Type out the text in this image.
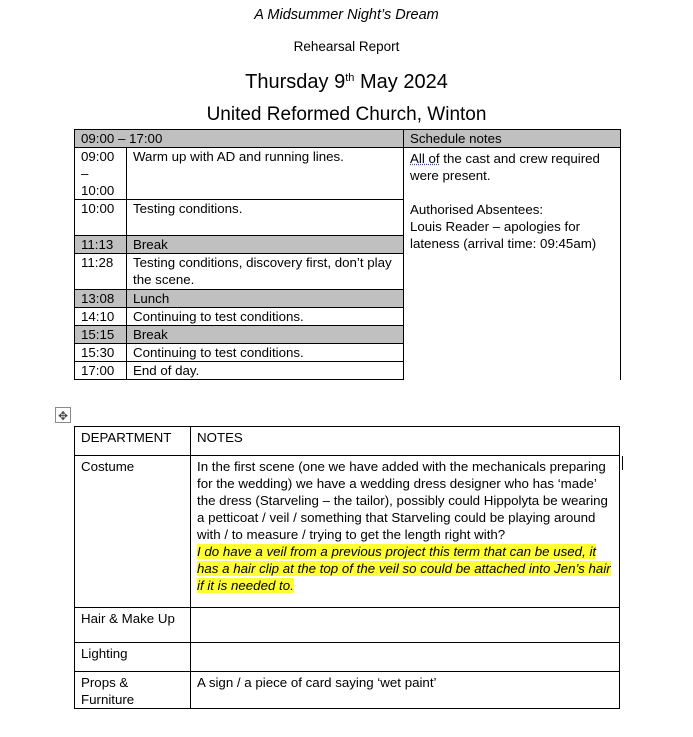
A Midsummer Night’s Dream
Rehearsal Report
Thursday 9th May 2024
United Reformed Church, Winton
09:00 – 17:00		Schedule notes
09:00 – 10:00	Warm up with AD and running lines.	All of the cast and crew required were present.
Authorised Absentees:
Louis Reader – apologies for lateness (arrival time: 09:45am)

10:00	Testing conditions.	
11:13	Break	
11:28	Testing conditions, discovery first, don’t play the scene.	
13:08	Lunch	
14:10	Continuing to test conditions.	
15:15	Break	
15:30	Continuing to test conditions.	
17:00	End of day.	
✥
DEPARTMENT	NOTES
Costume	In the first scene (one we have added with the mechanicals preparing for the wedding) we have a wedding dress designer who has ‘made’ the dress (Starveling – the tailor), possibly could Hippolyta be wearing a petticoat / veil / something that Starveling could be playing around with / to measure / trying to get the length right with?
I do have a veil from a previous project this term that can be used, it has a hair clip at the top of the veil so could be attached into Jen’s hair if it is needed to.

Hair & Make Up	
Lighting	
Props & Furniture	A sign / a piece of card saying ‘wet paint’
